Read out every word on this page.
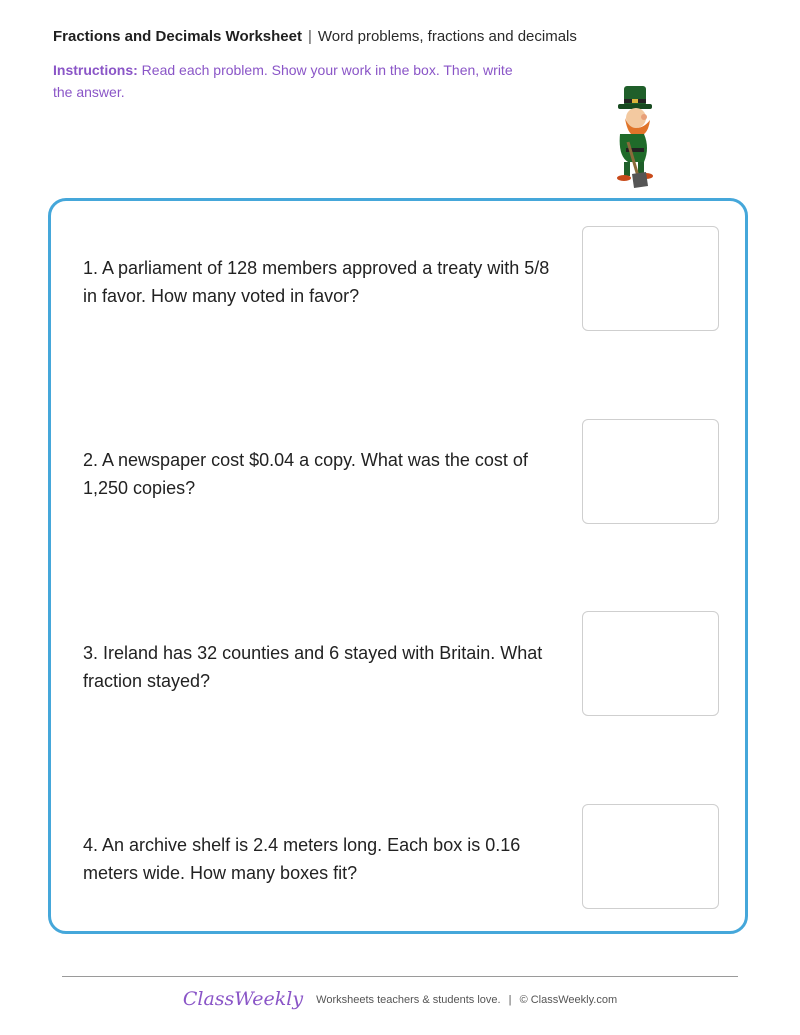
Fractions and Decimals Worksheet | Word problems, fractions and decimals
Instructions: Read each problem. Show your work in the box. Then, write the answer.
1. A parliament of 128 members approved a treaty with 5/8 in favor. How many voted in favor?
2. A newspaper cost $0.04 a copy. What was the cost of 1,250 copies?
3. Ireland has 32 counties and 6 stayed with Britain. What fraction stayed?
4. An archive shelf is 2.4 meters long. Each box is 0.16 meters wide. How many boxes fit?
ClassWeekly Worksheets teachers & students love. | © ClassWeekly.com
